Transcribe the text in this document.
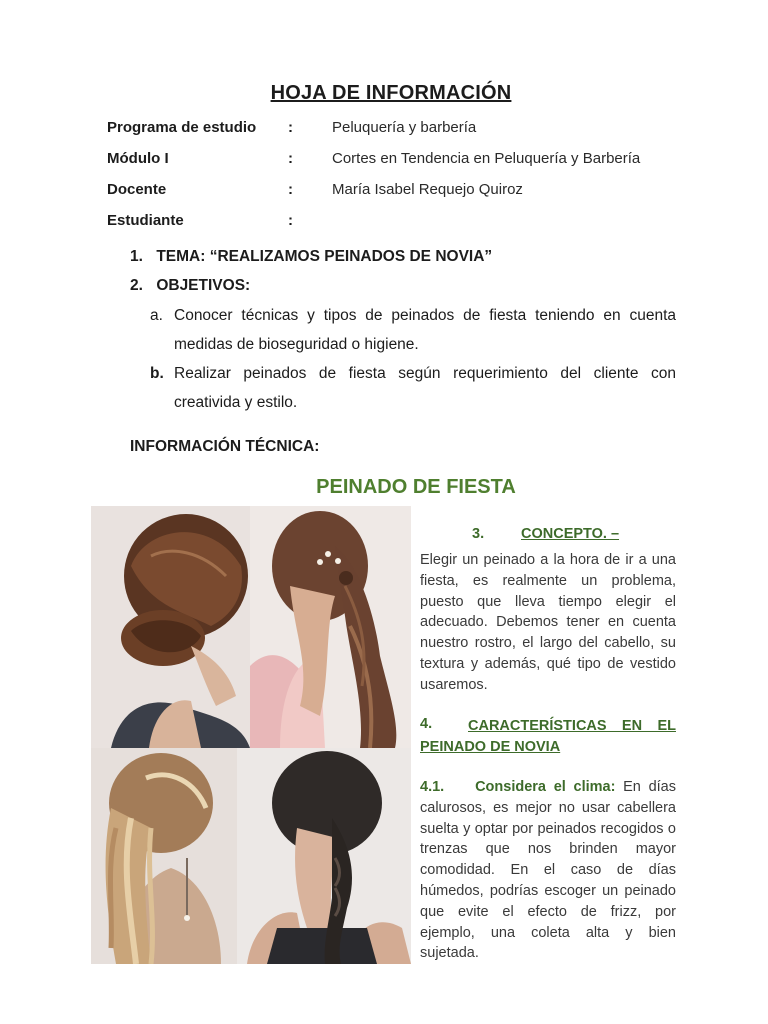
HOJA DE INFORMACIÓN
Programa de estudio :	Peluquería y barbería
Módulo I	:	Cortes en Tendencia en Peluquería y Barbería
Docente	:	María Isabel Requejo Quiroz
Estudiante	:
1. TEMA: “REALIZAMOS PEINADOS DE NOVIA”
2. OBJETIVOS:
a. Conocer técnicas y tipos de peinados de fiesta teniendo en cuenta medidas de bioseguridad o higiene.
b. Realizar peinados de fiesta según requerimiento del cliente con creativida y estilo.
INFORMACIÓN TÉCNICA:
PEINADO DE FIESTA
3.	CONCEPTO. –
Elegir un peinado a la hora de ir a una fiesta, es realmente un problema, puesto que lleva tiempo elegir el adecuado. Debemos tener en cuenta nuestro rostro, el largo del cabello, su textura y además, qué tipo de vestido usaremos.
4.	CARACTERÍSTICAS EN EL PEINADO DE NOVIA
4.1. Considera el clima: En días calurosos, es mejor no usar cabellera suelta y optar por peinados recogidos o trenzas que nos brinden mayor comodidad. En el caso de días húmedos, podrías escoger un peinado que evite el efecto de frizz, por ejemplo, una coleta alta y bien sujetada.
